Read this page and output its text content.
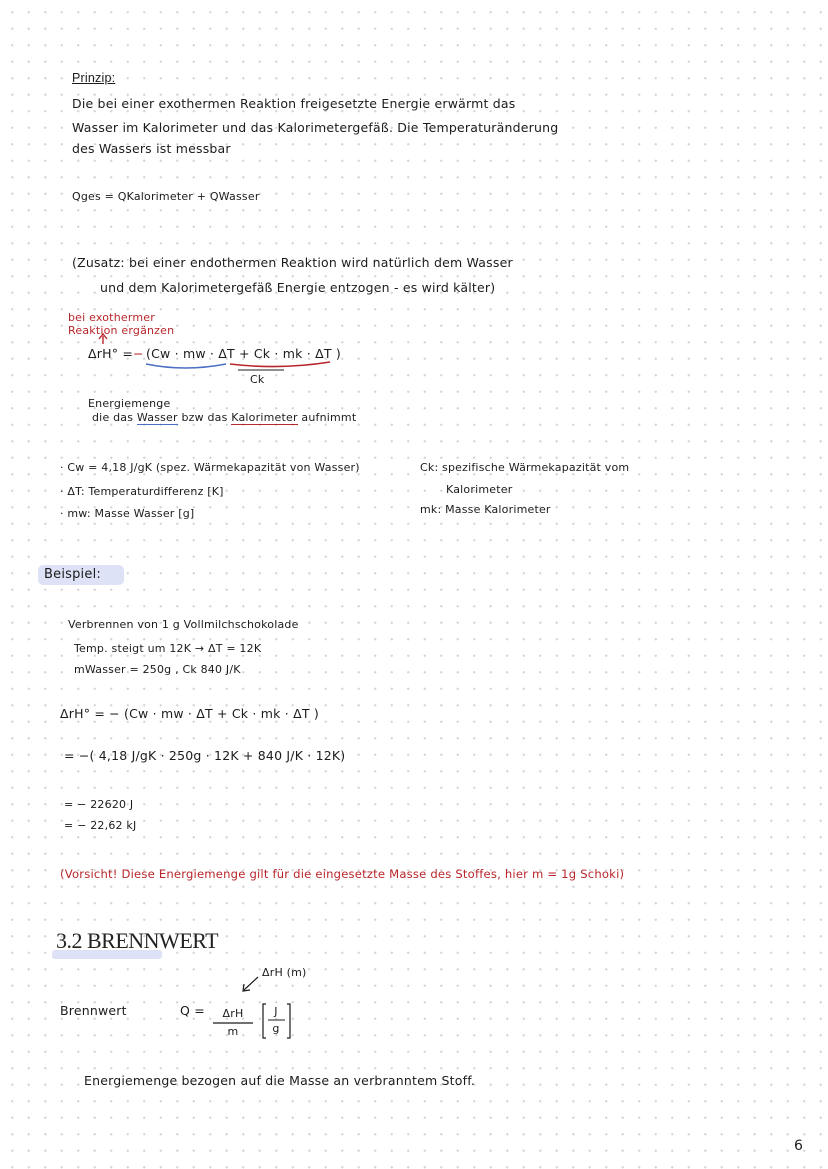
Prinzip:
Die bei einer exothermen Reaktion freigesetzte Energie erwärmt das
Wasser im Kalorimeter und das Kalorimetergefäß. Die Temperaturänderung
des Wassers ist messbar
Qges = QKalorimeter + QWasser
(Zusatz: bei einer endothermen Reaktion wird natürlich dem Wasser
und dem Kalorimetergefäß Energie entzogen - es wird kälter)
bei exothermer
Reaktion ergänzen
ΔrH° = − (Cw · mw · ΔT + Ck · mk · ΔT )
Ck
Energiemenge
die das Wasser bzw das Kalorimeter aufnimmt
· Cw = 4,18 J/gK (spez. Wärmekapazität von Wasser)
· ΔT: Temperaturdifferenz [K]
· mw: Masse Wasser [g]
Ck: spezifische Wärmekapazität vom
Kalorimeter
mk: Masse Kalorimeter
Beispiel:
Verbrennen von 1 g Vollmilchschokolade
Temp. steigt um 12K → ΔT = 12K
mWasser = 250g , Ck 840 J/K
ΔrH° = − (Cw · mw · ΔT + Ck · mk · ΔT )
= −( 4,18 J/gK · 250g · 12K + 840 J/K · 12K)
= − 22620 J
= − 22,62 kJ
(Vorsicht! Diese Energiemenge gilt für die eingesetzte Masse des Stoffes, hier m = 1g Schoki)
3.2 BRENNWERT
ΔrH (m)
Brennwert	Q =	ΔrH
m
J
g
Energiemenge bezogen auf die Masse an verbranntem Stoff.
6
